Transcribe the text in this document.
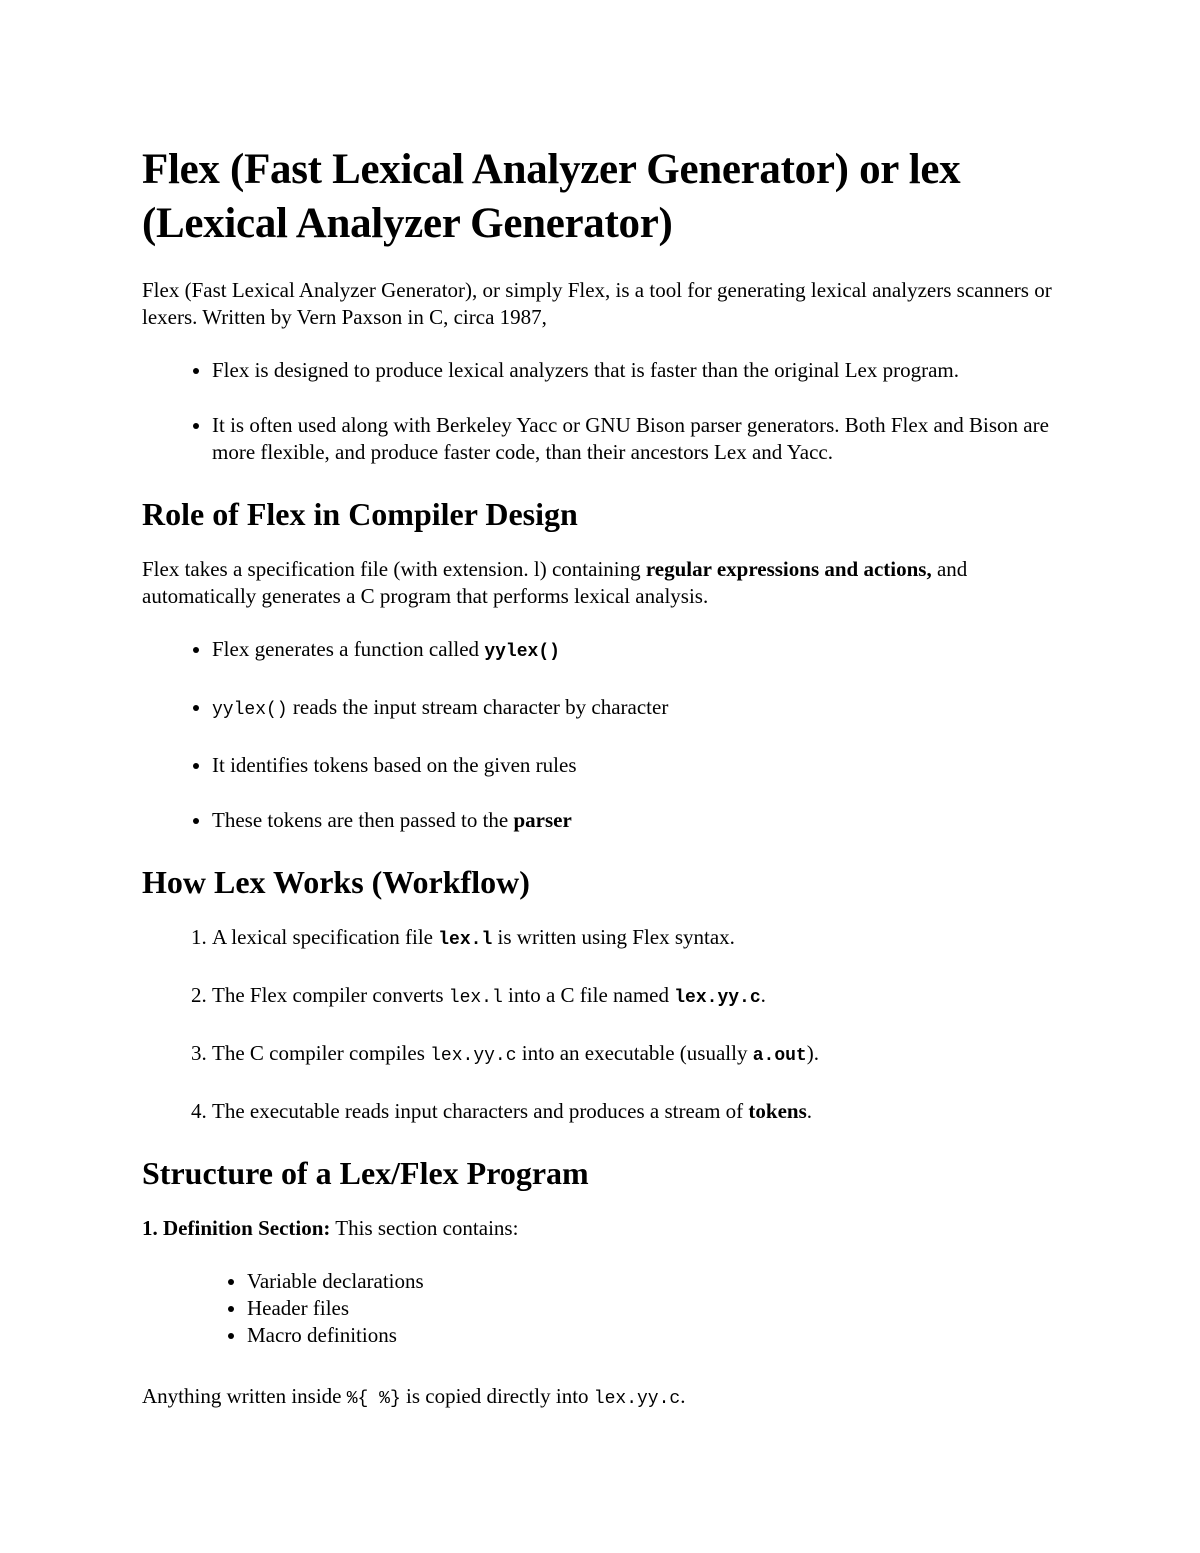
Flex (Fast Lexical Analyzer Generator) or lex (Lexical Analyzer Generator)

Flex (Fast Lexical Analyzer Generator), or simply Flex, is a tool for generating lexical analyzers scanners or lexers. Written by Vern Paxson in C, circa 1987,

• Flex is designed to produce lexical analyzers that is faster than the original Lex program.
• It is often used along with Berkeley Yacc or GNU Bison parser generators. Both Flex and Bison are more flexible, and produce faster code, than their ancestors Lex and Yacc.
Role of Flex in Compiler Design

Flex takes a specification file (with extension. l) containing regular expressions and actions, and automatically generates a C program that performs lexical analysis.

• Flex generates a function called yylex()
• yylex() reads the input stream character by character
• It identifies tokens based on the given rules
• These tokens are then passed to the parser
How Lex Works (Workflow)
1. A lexical specification file lex.l is written using Flex syntax.
2. The Flex compiler converts lex.l into a C file named lex.yy.c.
3. The C compiler compiles lex.yy.c into an executable (usually a.out).
4. The executable reads input characters and produces a stream of tokens.
Structure of a Lex/Flex Program

1. Definition Section: This section contains:

• Variable declarations
• Header files
• Macro definitions

Anything written inside %{ %} is copied directly into lex.yy.c.
